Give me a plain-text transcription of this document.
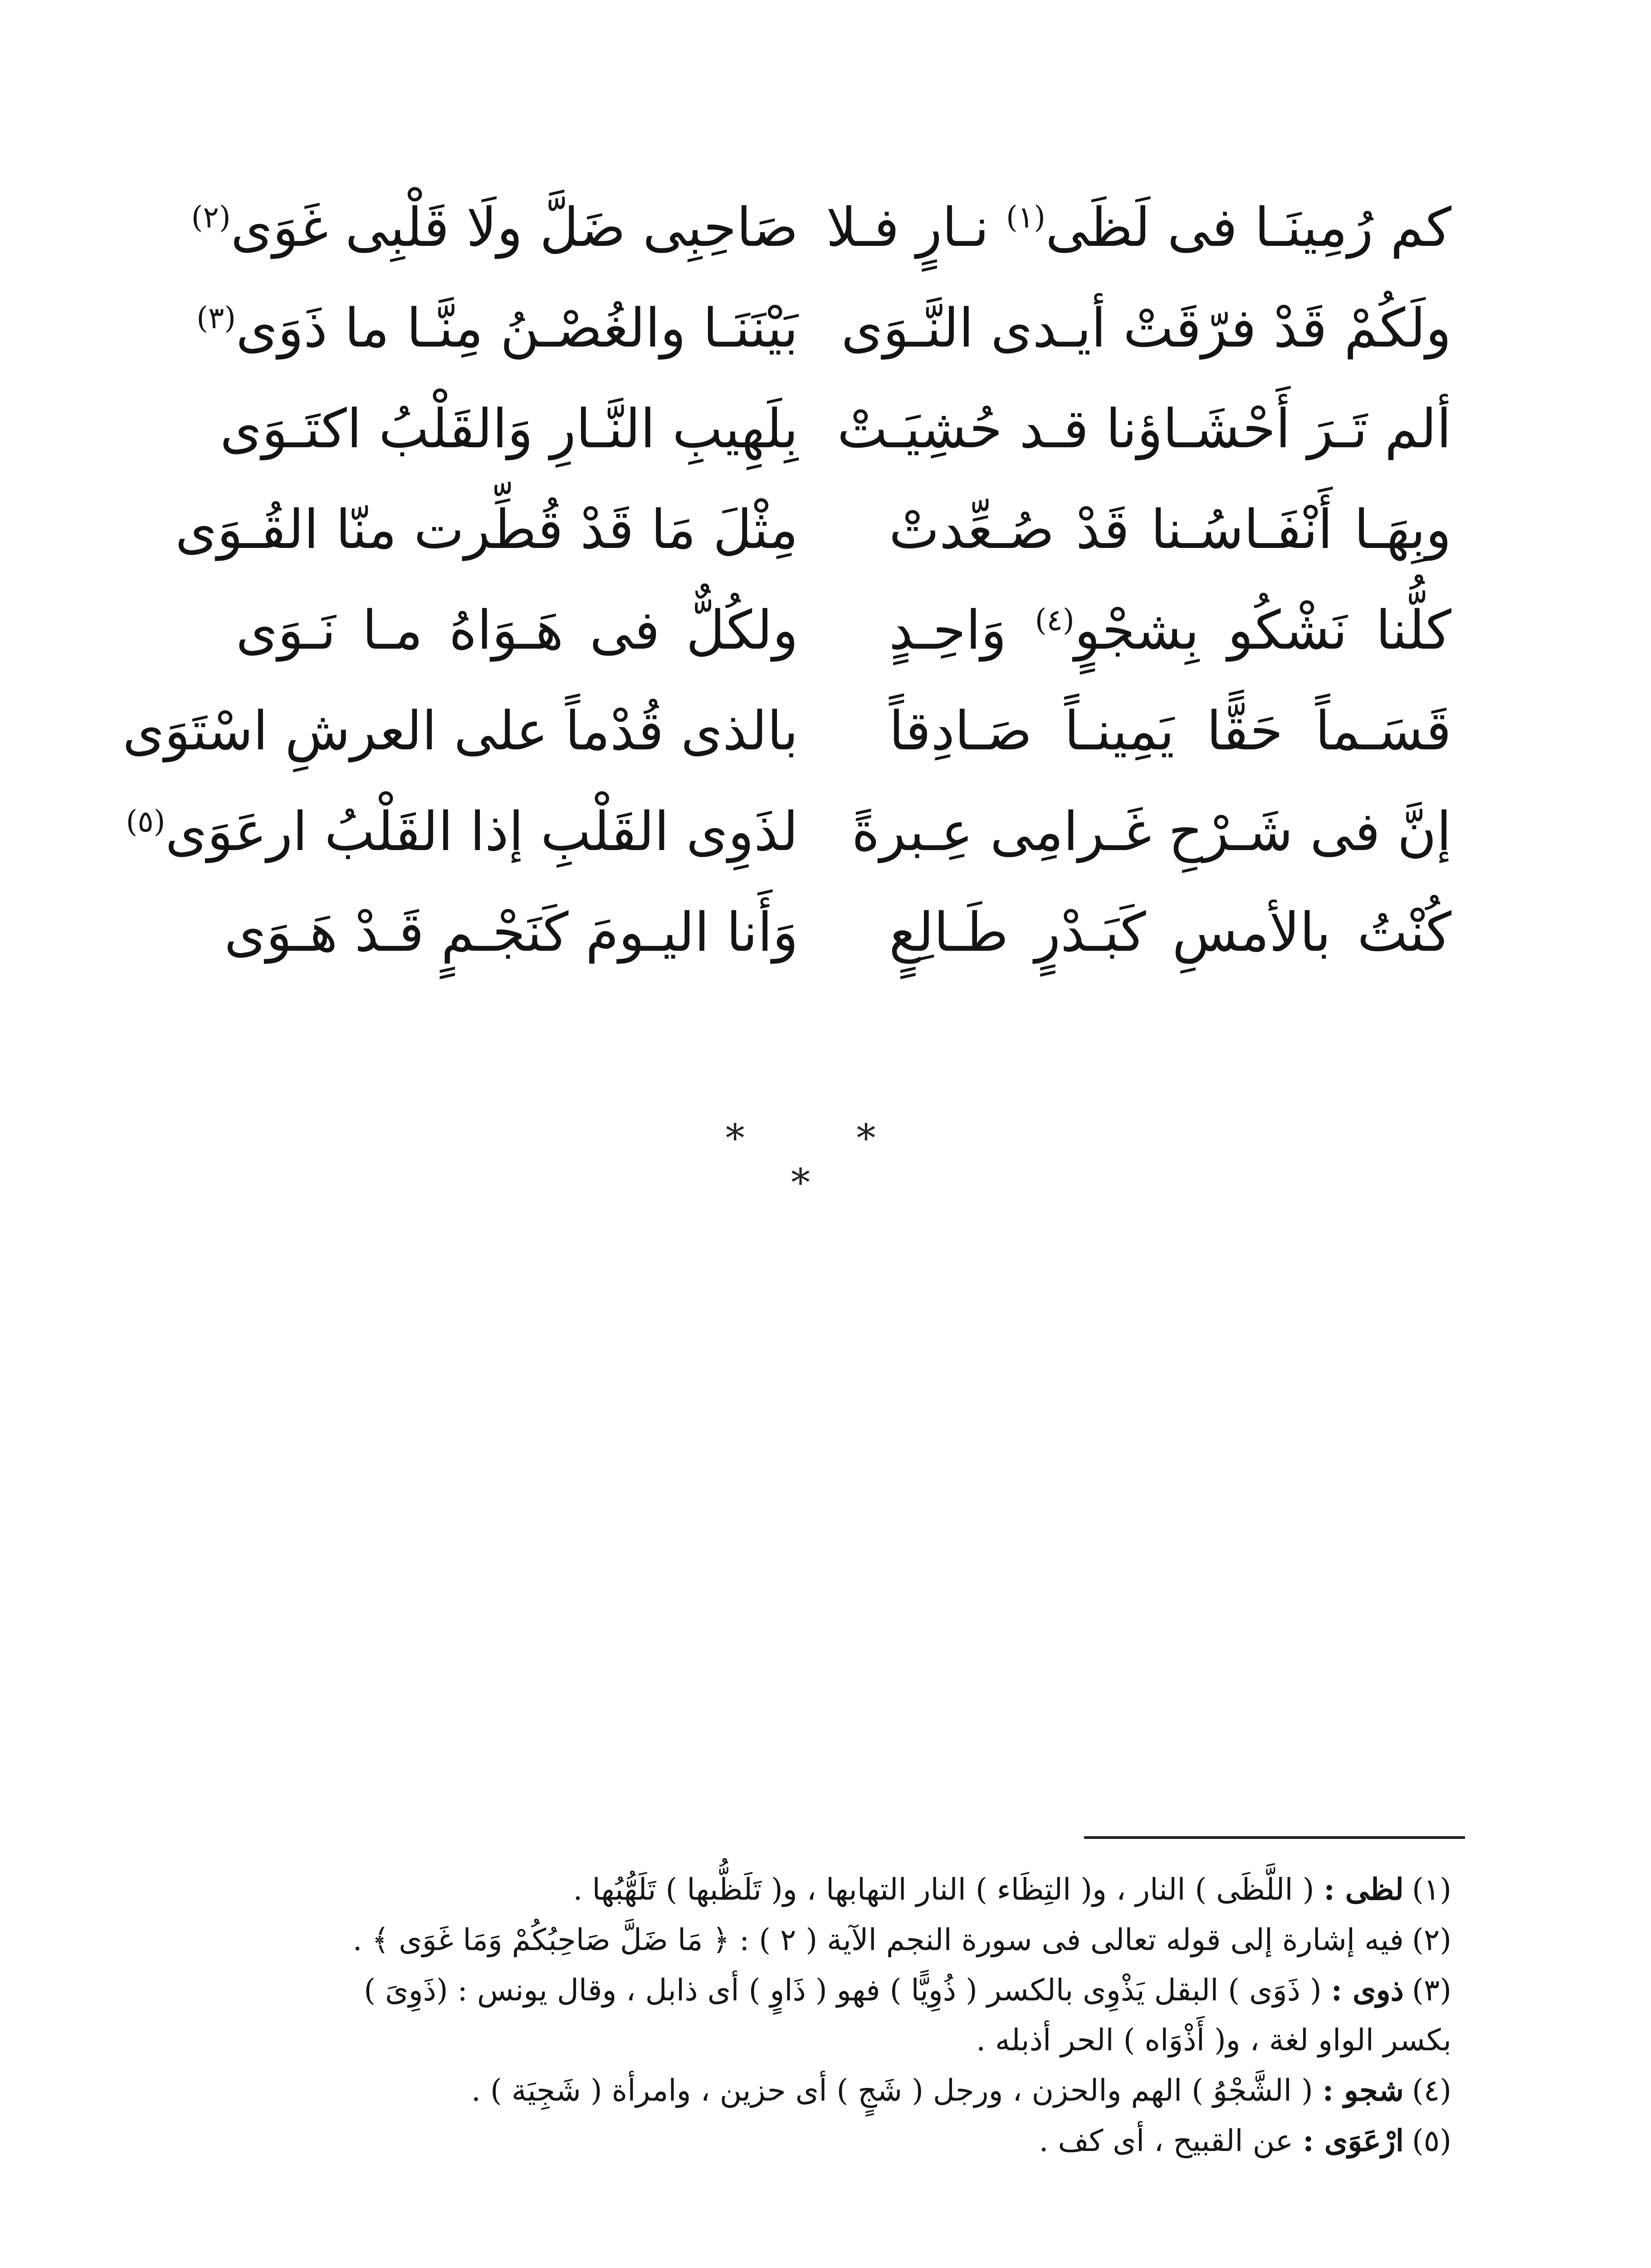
كم رُمِينَـا فى لَظَى$^{(١)}$ نـارٍ فـلا
صَاحِبِى ضَلَّ ولَا قَلْبِى غَوَى$^{(٢)}$
ولَكُمْ قَدْ فرّقَتْ أيـدى النَّـوَى
بَيْنَنَـا والغُصْـنُ مِنَّـا ما ذَوَى$^{(٣)}$
ألم تَـرَ أَحْشَـاؤنا قـد حُشِيَـتْ
بِلَهِيبِ النَّـارِ وَالقَلْبُ اكتَـوَى
وبِهَـا أَنْفَـاسُـنا قَدْ صُـعِّدتْ
مِثْلَ مَا قَدْ قُطِّرت منّا القُـوَى
كلُّنا نَشْكُو بِشجْوٍ$^{(٤)}$ وَاحِـدٍ
ولكُلٌّ فى هَـوَاهُ مـا نَـوَى
قَسَـماً حَقًّا يَمِينـاً صَـادِقاً
بالذى قُدْماً على العرشِ اسْتَوَى
إنَّ فى شَـرْحِ غَـرامِى عِـبرةً
لذَوِى القَلْبِ إذا القَلْبُ ارعَوَى$^{(٥)}$
كُنْتُ بالأمسِ كَبَـدْرٍ طَـالِعٍ
وَأَنا اليـومَ كَنَجْـمٍ قَـدْ هَـوَى
* * *
(١)لظى : ( اللَّظَى ) النار ، و( التِظَاء ) النار التهابها ، و( تَلَظُّبها ) تَلَهُّبُها .
(٢)فيه إشارة إلى قوله تعالى فى سورة النجم الآية ( ٢ ) : ﴿ مَا ضَلَّ صَاحِبُكُمْ وَمَا غَوَى ﴾ .
(٣)ذوى : ( ذَوَى ) البقل يَذْوِى بالكسر ( ذُوِيًّا ) فهو ( ذَاوٍ ) أى ذابل ، وقال يونس : (ذَوِىَ )
بكسر الواو لغة ، و( أَذْوَاه ) الحر أذبله .
(٤)شجو : ( الشَّجْوُ ) الهم والحزن ، ورجل ( شَجٍ ) أى حزين ، وامرأة ( شَجِيَة ) .
(٥)ارْعَوَى : عن القبيح ، أى كف .
